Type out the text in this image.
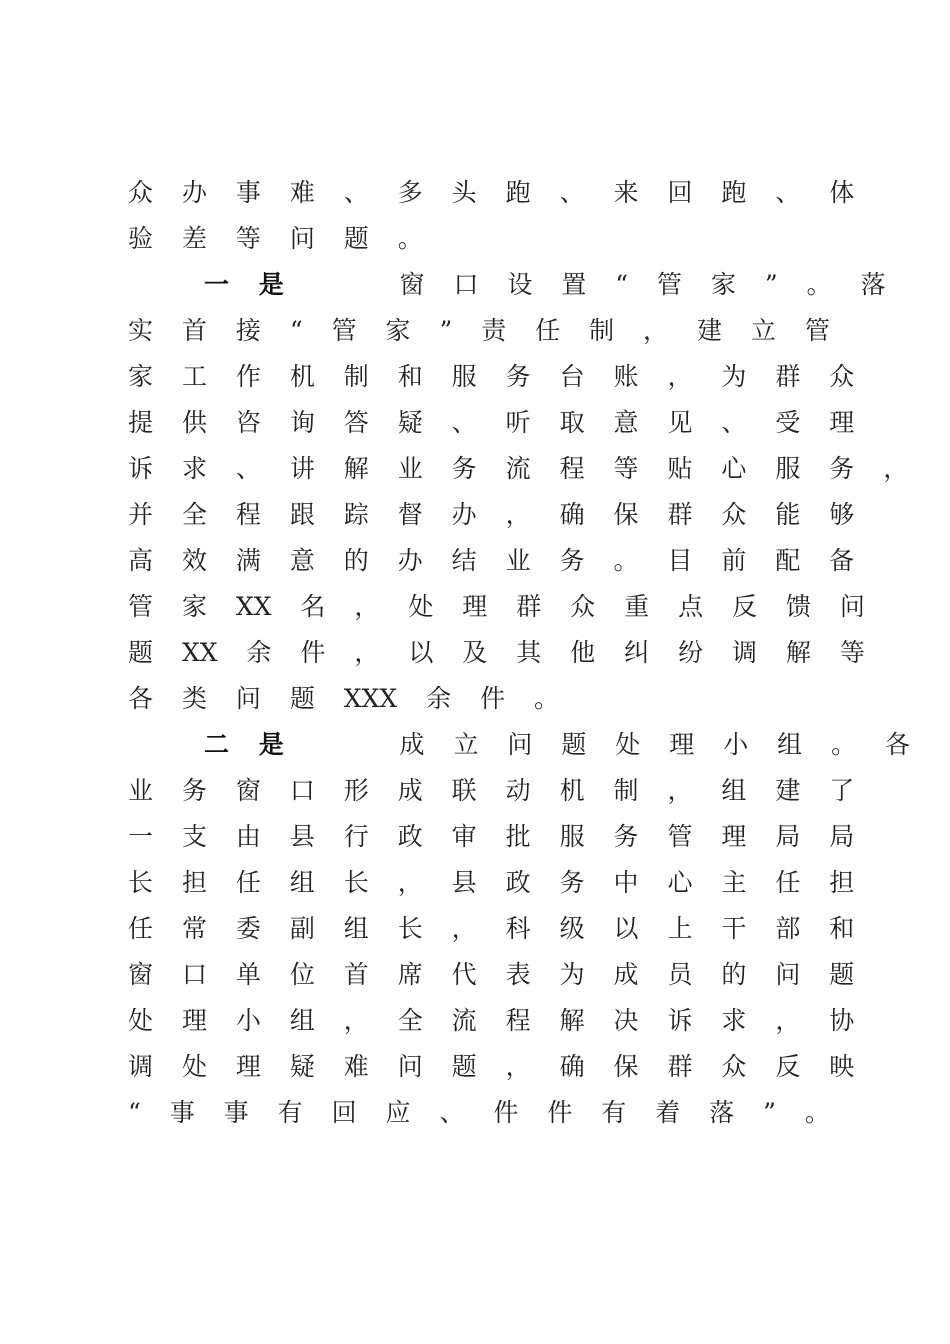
众 办 事 难 、 多 头 跑 、 来 回 跑 、 体
验 差 等 问 题 。
一 是	窗 口 设 置 “ 管 家 ” 。 落
实 首 接 “ 管 家 ” 责 任 制 ， 建 立 管
家 工 作 机 制 和 服 务 台 账 ， 为 群 众
提 供 咨 询 答 疑 、 听 取 意 见 、 受 理
诉 求 、 讲 解 业 务 流 程 等 贴 心 服 务 ，
并 全 程 跟 踪 督 办 ， 确 保 群 众 能 够
高 效 满 意 的 办 结 业 务 。 目 前 配 备
管 家 XX 名 ， 处 理 群 众 重 点 反 馈 问
题 XX 余 件 ， 以 及 其 他 纠 纷 调 解 等
各 类 问 题 XXX 余 件 。
二 是	成 立 问 题 处 理 小 组 。 各
业 务 窗 口 形 成 联 动 机 制 ， 组 建 了
一 支 由 县 行 政 审 批 服 务 管 理 局 局
长 担 任 组 长 ， 县 政 务 中 心 主 任 担
任 常 委 副 组 长 ， 科 级 以 上 干 部 和
窗 口 单 位 首 席 代 表 为 成 员 的 问 题
处 理 小 组 ， 全 流 程 解 决 诉 求 ， 协
调 处 理 疑 难 问 题 ， 确 保 群 众 反 映
“ 事 事 有 回 应 、 件 件 有 着 落 ” 。
